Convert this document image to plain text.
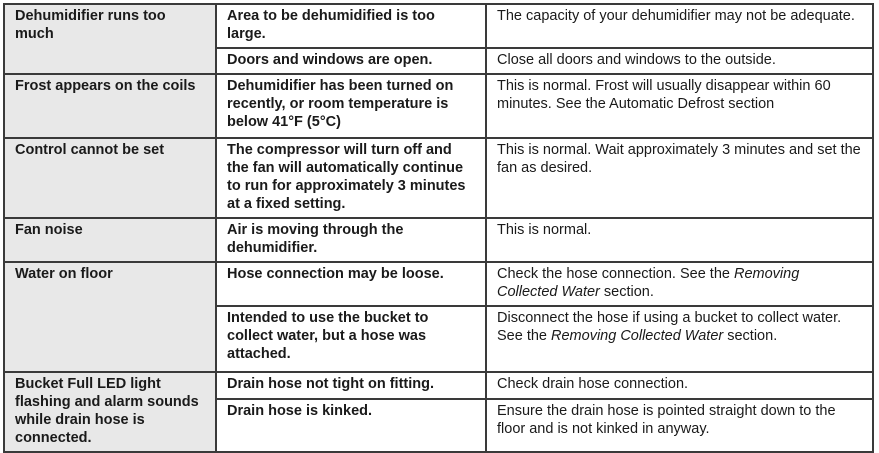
Dehumidifier runs too much	Area to be dehumidified is too large.	The capacity of your dehumidifier may not be adequate.
	Doors and windows are open.	Close all doors and windows to the outside.
Frost appears on the coils	Dehumidifier has been turned on recently, or room temperature is below 41°F (5°C)	This is normal. Frost will usually disappear within 60 minutes. See the Automatic Defrost section
Control cannot be set	The compressor will turn off and the fan will automatically continue to run for approximately 3 minutes at a fixed setting.	This is normal. Wait approximately 3 minutes and set the fan as desired.
Fan noise	Air is moving through the dehumidifier.	This is normal.
Water on floor	Hose connection may be loose.	Check the hose connection. See the Removing Collected Water section.
	Intended to use the bucket to collect water, but a hose was attached.	Disconnect the hose if using a bucket to collect water. See the Removing Collected Water section.
Bucket Full LED light flashing and alarm sounds while drain hose is connected.	Drain hose not tight on fitting.	Check drain hose connection.
	Drain hose is kinked.	Ensure the drain hose is pointed straight down to the floor and is not kinked in anyway.
